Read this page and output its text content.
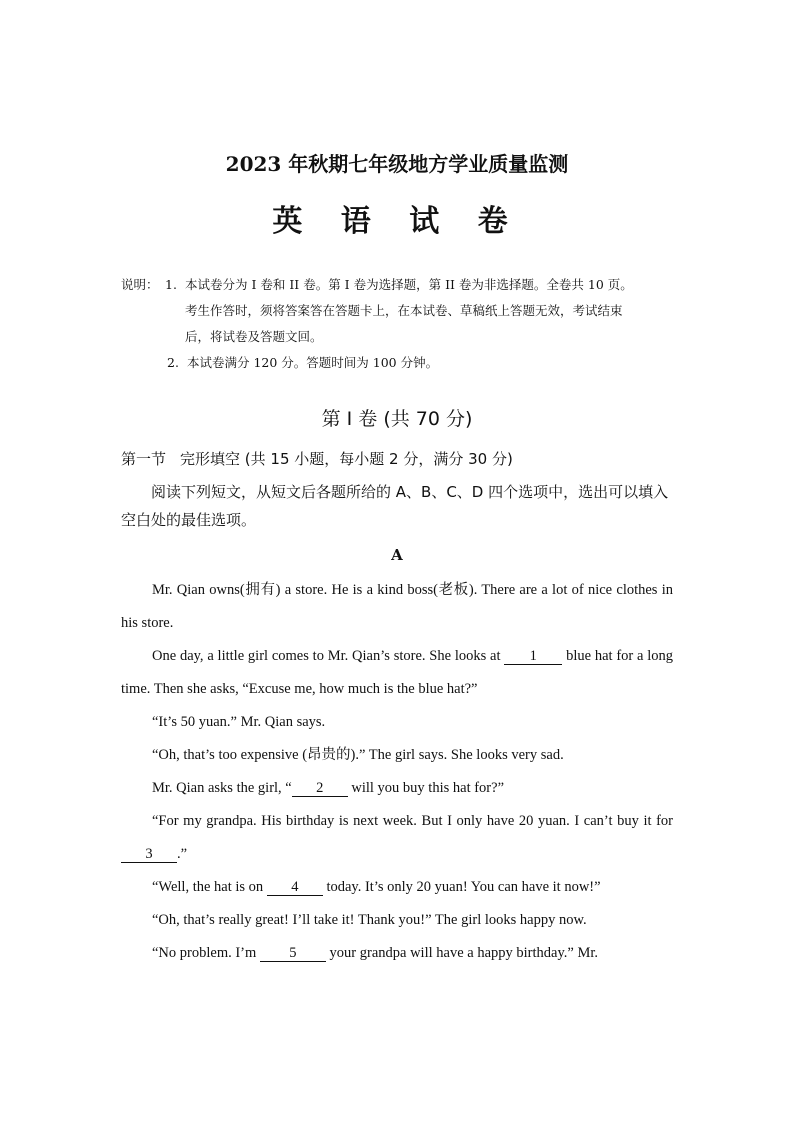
2023 年秋期七年级地方学业质量监测
英 语 试 卷
说明： 1. 本试卷分为 I 卷和 II 卷。第 I 卷为选择题，第 II 卷为非选择题。全卷共 10 页。
考生作答时，须将答案答在答题卡上，在本试卷、草稿纸上答题无效，考试结束
后，将试卷及答题文回。
2. 本试卷满分 120 分。答题时间为 100 分钟。
第 I 卷 (共 70 分)
第一节 完形填空 (共 15 小题，每小题 2 分，满分 30 分)
阅读下列短文，从短文后各题所给的 A、B、C、D 四个选项中，选出可以填入空白处的最佳选项。
A
Mr. Qian owns(拥有) a store. He is a kind boss(老板). There are a lot of nice clothes in his store.
One day, a little girl comes to Mr. Qian’s store. She looks at 1 blue hat for a long time. Then she asks, “Excuse me, how much is the blue hat?”
“It’s 50 yuan.” Mr. Qian says.
“Oh, that’s too expensive (昂贵的).” The girl says. She looks very sad.
Mr. Qian asks the girl, “ 2 will you buy this hat for?”
“For my grandpa. His birthday is next week. But I only have 20 yuan. I can’t buy it for 3 .”
“Well, the hat is on 4 today. It’s only 20 yuan! You can have it now!”
“Oh, that’s really great! I’ll take it! Thank you!” The girl looks happy now.
“No problem. I’m 5 your grandpa will have a happy birthday.” Mr.
